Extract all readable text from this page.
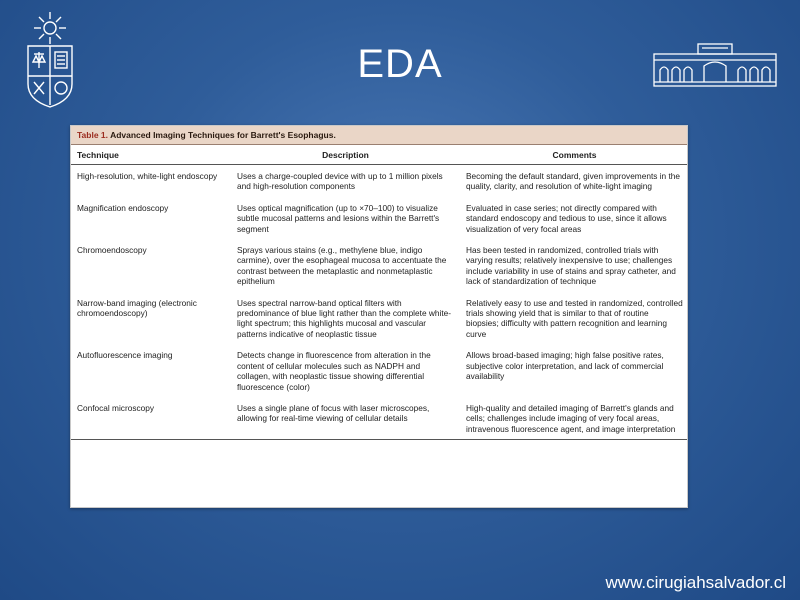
EDA
Table 1. Advanced Imaging Techniques for Barrett's Esophagus.
Technique	Description	Comments
High-resolution, white-light endoscopy	Uses a charge-coupled device with up to 1 million pixels and high-resolution components	Becoming the default standard, given improvements in the quality, clarity, and resolution of white-light imaging
Magnification endoscopy	Uses optical magnification (up to ×70–100) to visualize subtle mucosal patterns and lesions within the Barrett's segment	Evaluated in case series; not directly compared with standard endoscopy and tedious to use, since it allows visualization of very focal areas
Chromoendoscopy	Sprays various stains (e.g., methylene blue, indigo carmine), over the esophageal mucosa to accentuate the contrast between the metaplastic and nonmetaplastic epithelium	Has been tested in randomized, controlled trials with varying results; relatively inexpensive to use; challenges include variability in use of stains and spray catheter, and lack of standardization of technique
Narrow-band imaging (electronic chromoendoscopy)	Uses spectral narrow-band optical filters with predominance of blue light rather than the complete white-light spectrum; this highlights mucosal and vascular patterns indicative of neoplastic tissue	Relatively easy to use and tested in randomized, controlled trials showing yield that is similar to that of routine biopsies; difficulty with pattern recognition and learning curve
Autofluorescence imaging	Detects change in fluorescence from alteration in the content of cellular molecules such as NADPH and collagen, with neoplastic tissue showing differential fluorescence (color)	Allows broad-based imaging; high false positive rates, subjective color interpretation, and lack of commercial availability
Confocal microscopy	Uses a single plane of focus with laser microscopes, allowing for real-time viewing of cellular details	High-quality and detailed imaging of Barrett's glands and cells; challenges include imaging of very focal areas, intravenous fluorescence agent, and image interpretation
www.cirugiahsalvador.cl
